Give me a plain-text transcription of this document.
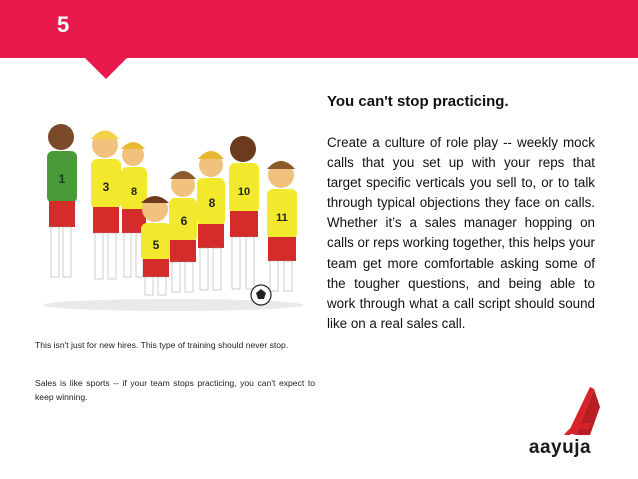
5
1
3 8
5
6
8
10
11
This isn't just for new hires. This type of training should never stop.
Sales is like sports -- if your team stops practicing, you can't expect to keep winning.
You can't stop practicing.
Create a culture of role play -- weekly mock calls that you set up with your reps that target specific verticals you sell to, or to talk through typical objections they face on calls. Whether it’s a sales manager hopping on calls or reps working together, this helps your team get more comfortable asking some of the tougher questions, and being able to work through what a call script should sound like on a real sales call.
aayuja
